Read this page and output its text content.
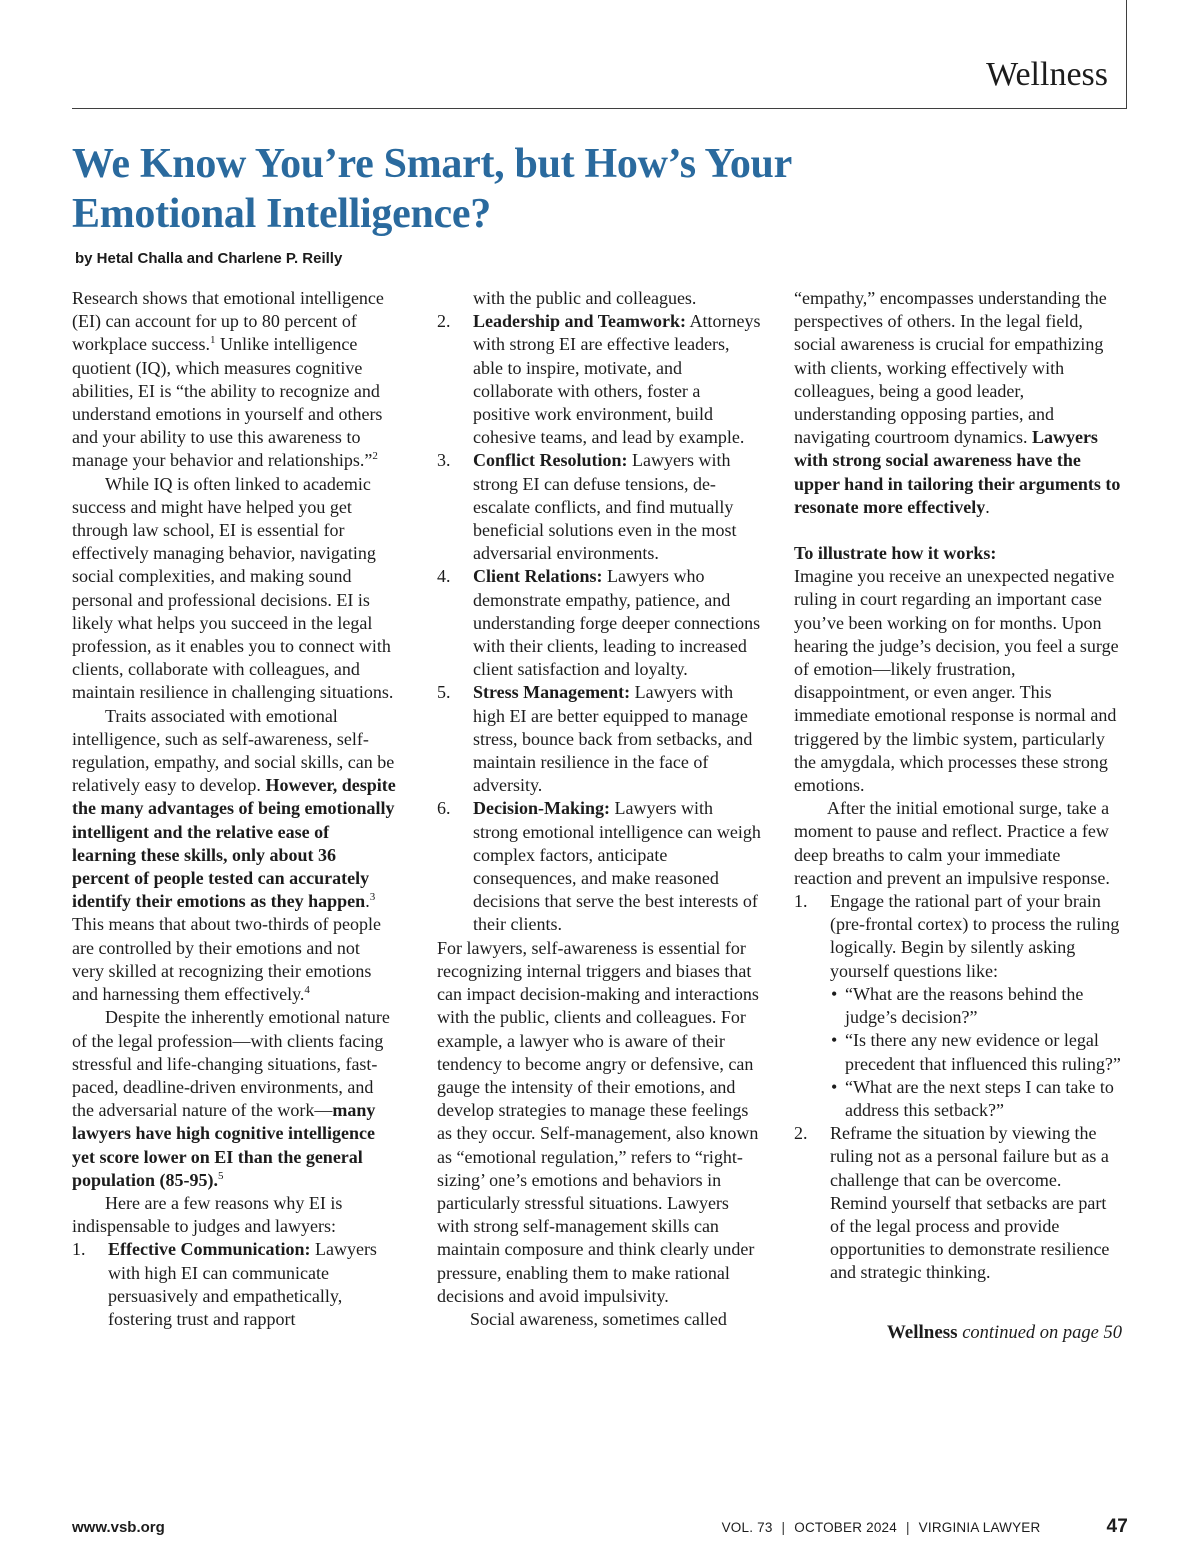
Wellness
We Know You’re Smart, but How’s Your Emotional Intelligence?
by Hetal Challa and Charlene P. Reilly
Research shows that emotional intelligence (EI) can account for up to 80 percent of workplace success.$^1$ Unlike intelligence quotient (IQ), which measures cognitive abilities, EI is “the ability to recognize and understand emotions in yourself and others and your ability to use this awareness to manage your behavior and relationships.”$^2$
While IQ is often linked to academic success and might have helped you get through law school, EI is essential for effectively managing behavior, navigating social complexities, and making sound personal and professional decisions. EI is likely what helps you succeed in the legal profession, as it enables you to connect with clients, collaborate with colleagues, and maintain resilience in challenging situations.
Traits associated with emotional intelligence, such as self-awareness, self-regulation, empathy, and social skills, can be relatively easy to develop. However, despite the many advantages of being emotionally intelligent and the relative ease of learning these skills, only about 36 percent of people tested can accurately identify their emotions as they happen.$^3$ This means that about two-thirds of people are controlled by their emotions and not very skilled at recognizing their emotions and harnessing them effectively.$^4$
Despite the inherently emotional nature of the legal profession—with clients facing stressful and life-changing situations, fast-paced, deadline-driven environments, and the adversarial nature of the work—many lawyers have high cognitive intelligence yet score lower on EI than the general population (85-95).$^5$
Here are a few reasons why EI is indispensable to judges and lawyers:
1. Effective Communication: Lawyers with high EI can communicate persuasively and empathetically, fostering trust and rapport
with the public and colleagues.
2. Leadership and Teamwork: Attorneys with strong EI are effective leaders, able to inspire, motivate, and collaborate with others, foster a positive work environment, build cohesive teams, and lead by example.
3. Conflict Resolution: Lawyers with strong EI can defuse tensions, de-escalate conflicts, and find mutually beneficial solutions even in the most adversarial environments.
4. Client Relations: Lawyers who demonstrate empathy, patience, and understanding forge deeper connections with their clients, leading to increased client satisfaction and loyalty.
5. Stress Management: Lawyers with high EI are better equipped to manage stress, bounce back from setbacks, and maintain resilience in the face of adversity.
6. Decision-Making: Lawyers with strong emotional intelligence can weigh complex factors, anticipate consequences, and make reasoned decisions that serve the best interests of their clients.
For lawyers, self-awareness is essential for recognizing internal triggers and biases that can impact decision-making and interactions with the public, clients and colleagues. For example, a lawyer who is aware of their tendency to become angry or defensive, can gauge the intensity of their emotions, and develop strategies to manage these feelings as they occur. Self-management, also known as “emotional regulation,” refers to “right-sizing’ one’s emotions and behaviors in particularly stressful situations. Lawyers with strong self-management skills can maintain composure and think clearly under pressure, enabling them to make rational decisions and avoid impulsivity.
Social awareness, sometimes called
“empathy,” encompasses understanding the perspectives of others. In the legal field, social awareness is crucial for empathizing with clients, working effectively with colleagues, being a good leader, understanding opposing parties, and navigating courtroom dynamics. Lawyers with strong social awareness have the upper hand in tailoring their arguments to resonate more effectively.
To illustrate how it works:
Imagine you receive an unexpected negative ruling in court regarding an important case you’ve been working on for months. Upon hearing the judge’s decision, you feel a surge of emotion—likely frustration, disappointment, or even anger. This immediate emotional response is normal and triggered by the limbic system, particularly the amygdala, which processes these strong emotions.
After the initial emotional surge, take a moment to pause and reflect. Practice a few deep breaths to calm your immediate reaction and prevent an impulsive response.
1. Engage the rational part of your brain (pre-frontal cortex) to process the ruling logically. Begin by silently asking yourself questions like:
• “What are the reasons behind the judge’s decision?”
• “Is there any new evidence or legal precedent that influenced this ruling?”
• “What are the next steps I can take to address this setback?”
2. Reframe the situation by viewing the ruling not as a personal failure but as a challenge that can be overcome. Remind yourself that setbacks are part of the legal process and provide opportunities to demonstrate resilience and strategic thinking.
Wellness continued on page 50
www.vsb.org	VOL. 73 | OCTOBER 2024 | VIRGINIA LAWYER	47
